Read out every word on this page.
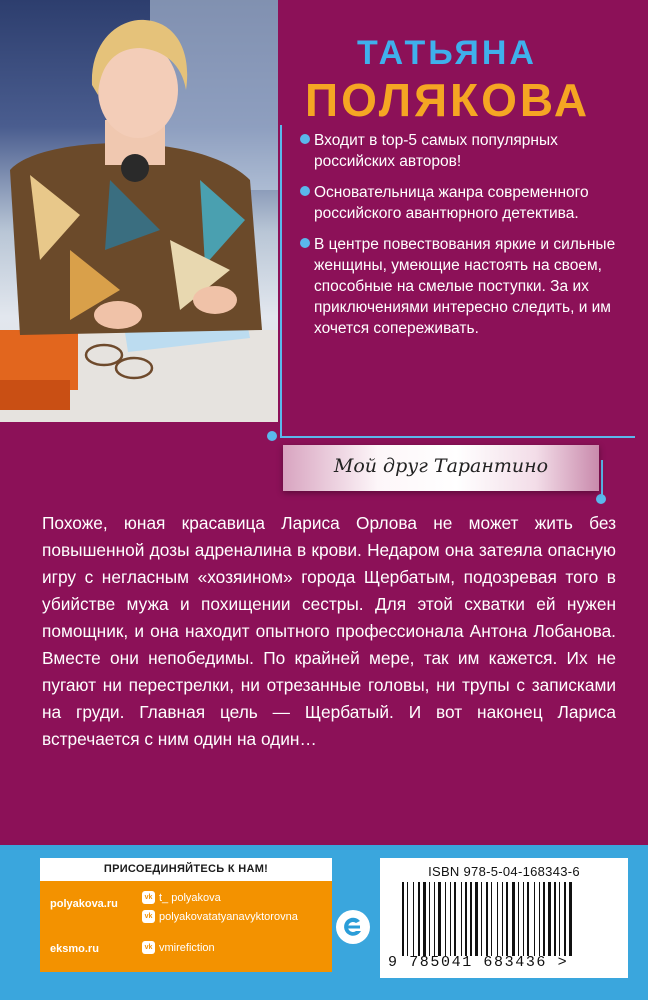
ТАТЬЯНА
ПОЛЯКОВА
Входит в top-5 самых популярных российских авторов!
Основательница жанра современного российского авантюрного детектива.
В центре повествования яркие и сильные женщины, умеющие настоять на своем, способные на смелые поступки. За их приключениями интересно следить, и им хочется сопереживать.
Мой друг Тарантино
Похоже, юная красавица Лариса Орлова не может жить без повышенной дозы адреналина в крови. Недаром она затеяла опасную игру с негласным «хозяином» города Щербатым, подозревая того в убийстве мужа и похищении сестры. Для этой схватки ей нужен помощник, и она находит опытного профессионала Антона Лобанова. Вместе они непобедимы. По крайней мере, так им кажется. Их не пугают ни перестрелки, ни отрезанные головы, ни трупы с записками на груди. Главная цель — Щербатый. И вот наконец Лариса встречается с ним один на один…
ПРИСОЕДИНЯЙТЕСЬ К НАМ!
polyakova.ru
vk t_ polyakova
vk polyakovatatyanavyktorovna
eksmo.ru	vk vmirefiction
ISBN 978-5-04-168343-6
9 785041 683436 >
